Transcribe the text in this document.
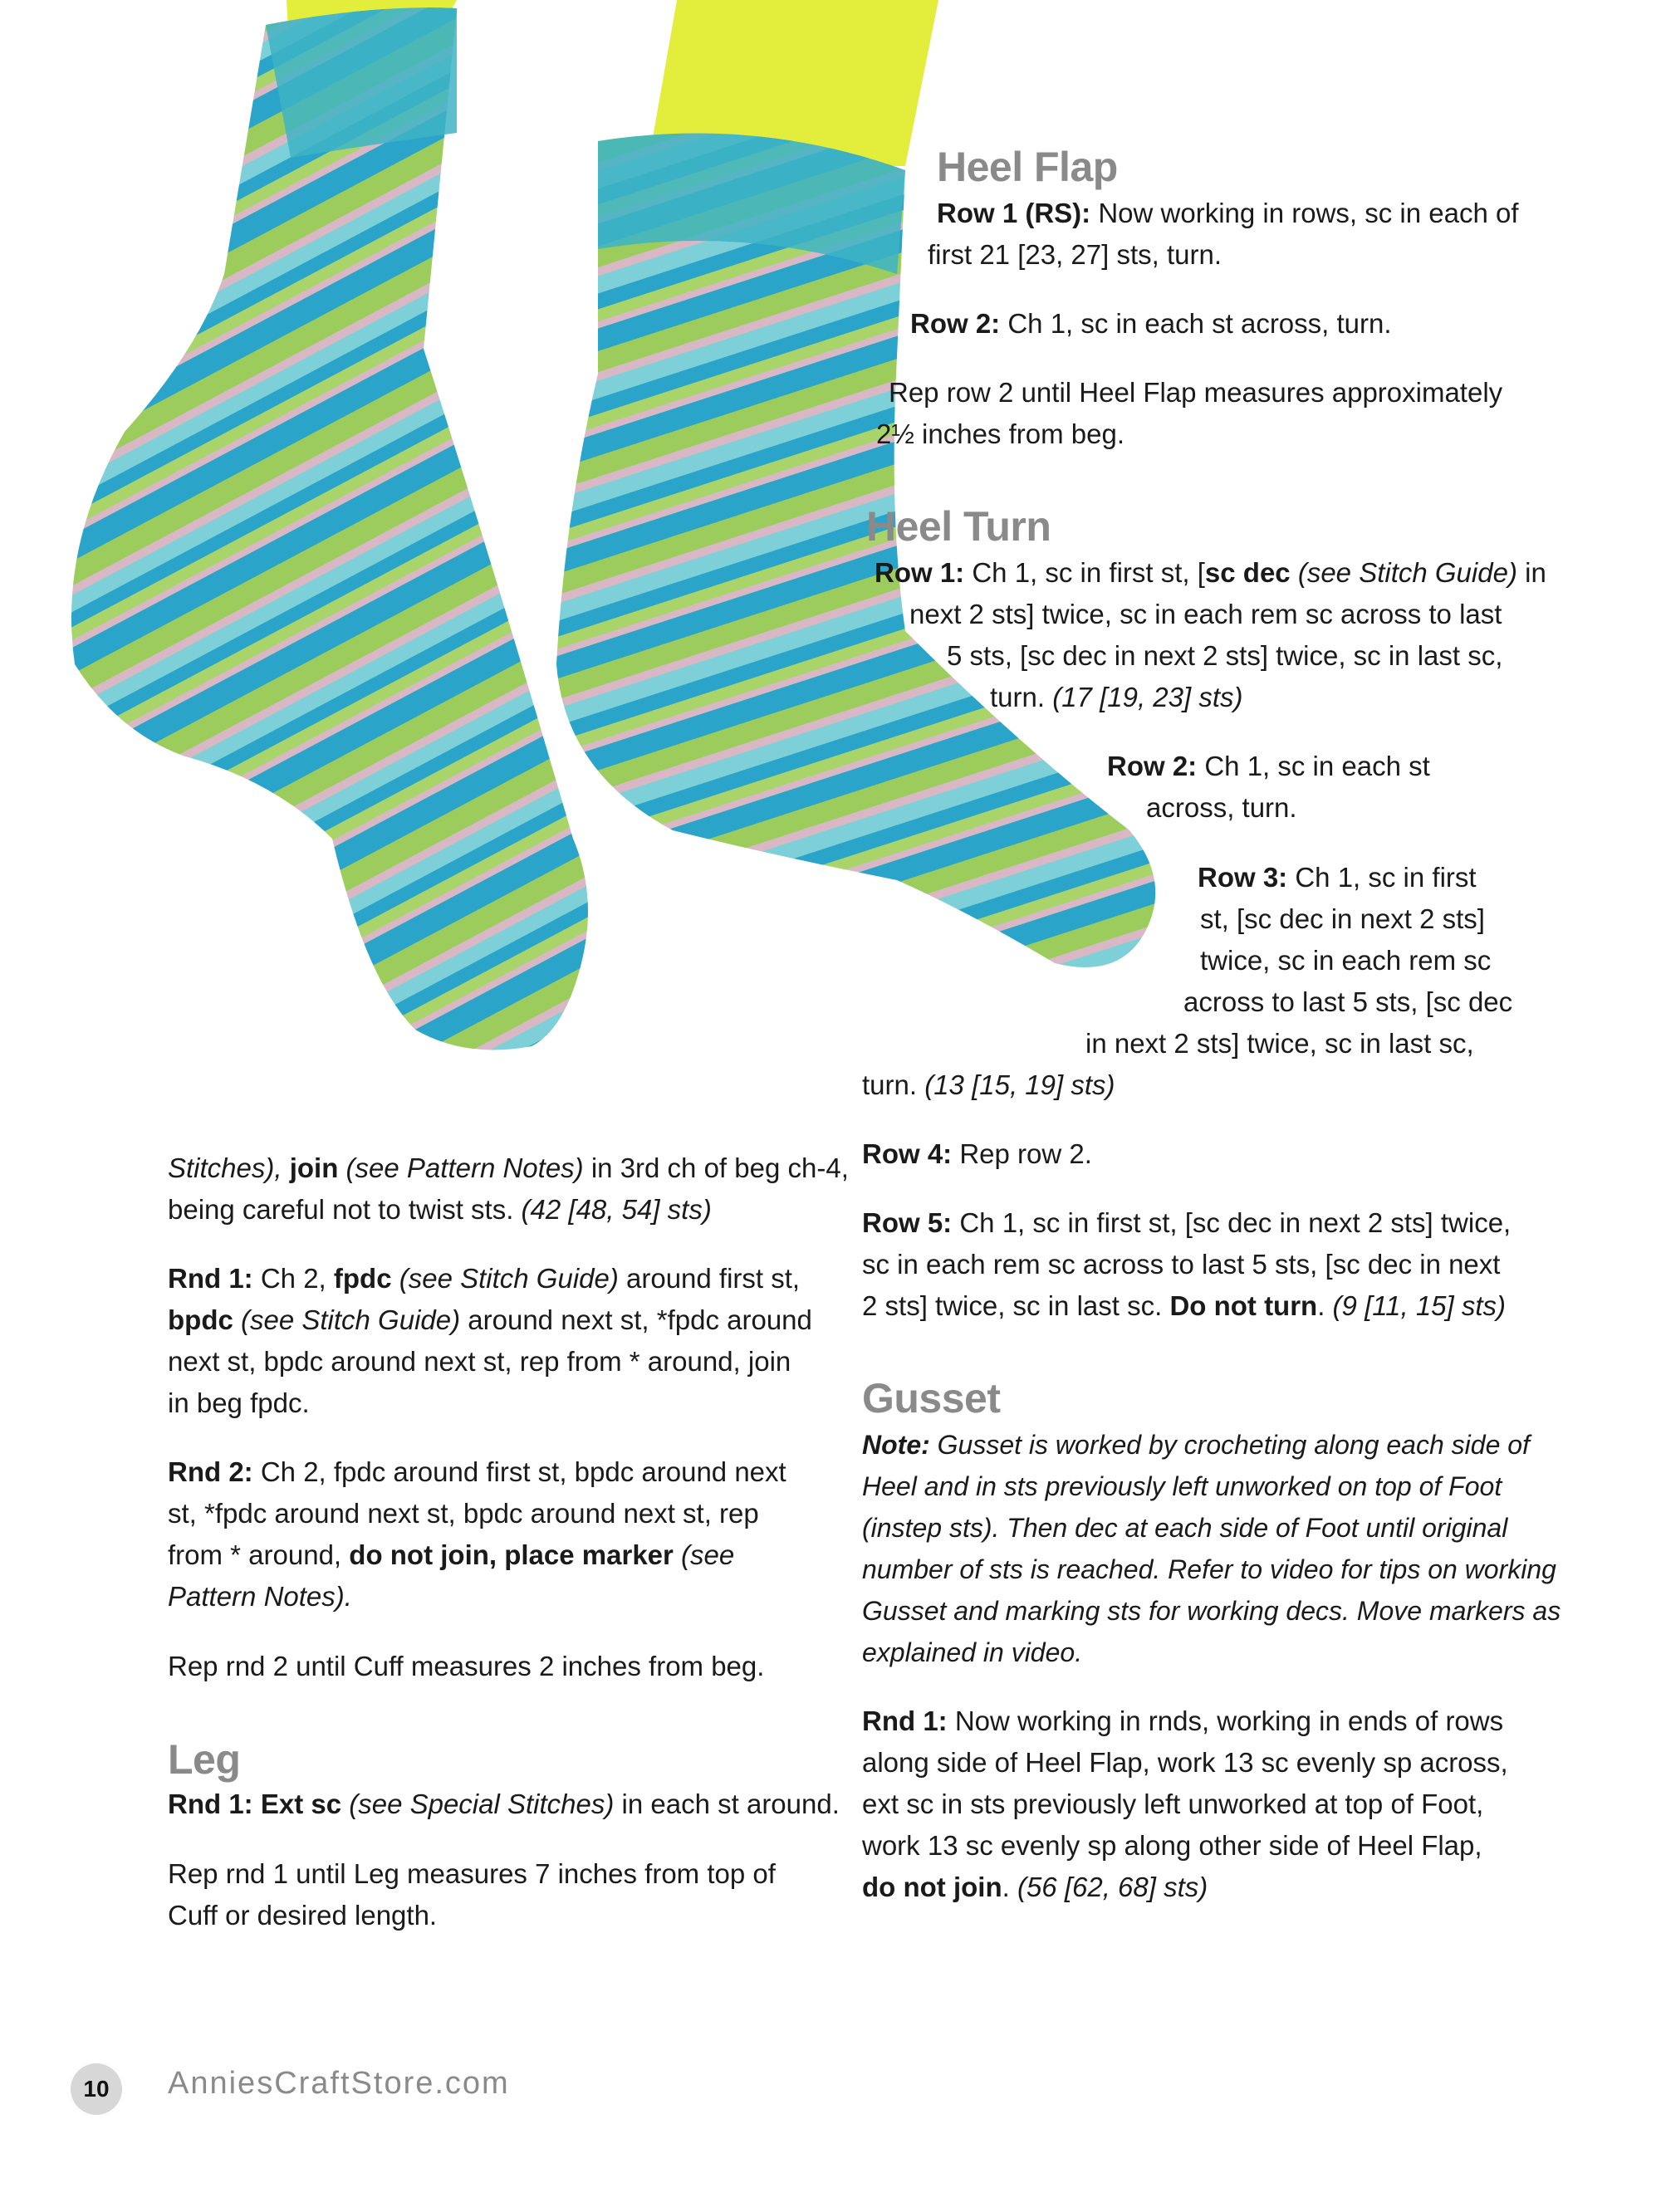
Heel Flap
Row 1 (RS): Now working in rows, sc in each of
first 21 [23, 27] sts, turn.
Row 2: Ch 1, sc in each st across, turn.
Rep row 2 until Heel Flap measures approximately
2½ inches from beg.
Heel Turn
Row 1: Ch 1, sc in first st, [sc dec (see Stitch Guide) in
next 2 sts] twice, sc in each rem sc across to last
5 sts, [sc dec in next 2 sts] twice, sc in last sc,
turn. (17 [19, 23] sts)
Row 2: Ch 1, sc in each st
across, turn.
Row 3: Ch 1, sc in first
st, [sc dec in next 2 sts]
twice, sc in each rem sc
across to last 5 sts, [sc dec
in next 2 sts] twice, sc in last sc,
turn. (13 [15, 19] sts)
Row 4: Rep row 2.
Row 5: Ch 1, sc in first st, [sc dec in next 2 sts] twice,
sc in each rem sc across to last 5 sts, [sc dec in next
2 sts] twice, sc in last sc. Do not turn. (9 [11, 15] sts)
Gusset
Note: Gusset is worked by crocheting along each side of
Heel and in sts previously left unworked on top of Foot
(instep sts). Then dec at each side of Foot until original
number of sts is reached. Refer to video for tips on working
Gusset and marking sts for working decs. Move markers as
explained in video.
Rnd 1: Now working in rnds, working in ends of rows
along side of Heel Flap, work 13 sc evenly sp across,
ext sc in sts previously left unworked at top of Foot,
work 13 sc evenly sp along other side of Heel Flap,
do not join. (56 [62, 68] sts)
Stitches), join (see Pattern Notes) in 3rd ch of beg ch-4,
being careful not to twist sts. (42 [48, 54] sts)
Rnd 1: Ch 2, fpdc (see Stitch Guide) around first st,
bpdc (see Stitch Guide) around next st, *fpdc around
next st, bpdc around next st, rep from * around, join
in beg fpdc.
Rnd 2: Ch 2, fpdc around first st, bpdc around next
st, *fpdc around next st, bpdc around next st, rep
from * around, do not join, place marker (see
Pattern Notes).
Rep rnd 2 until Cuff measures 2 inches from beg.
Leg
Rnd 1: Ext sc (see Special Stitches) in each st around.
Rep rnd 1 until Leg measures 7 inches from top of
Cuff or desired length.
10	AnniesCraftStore.com
